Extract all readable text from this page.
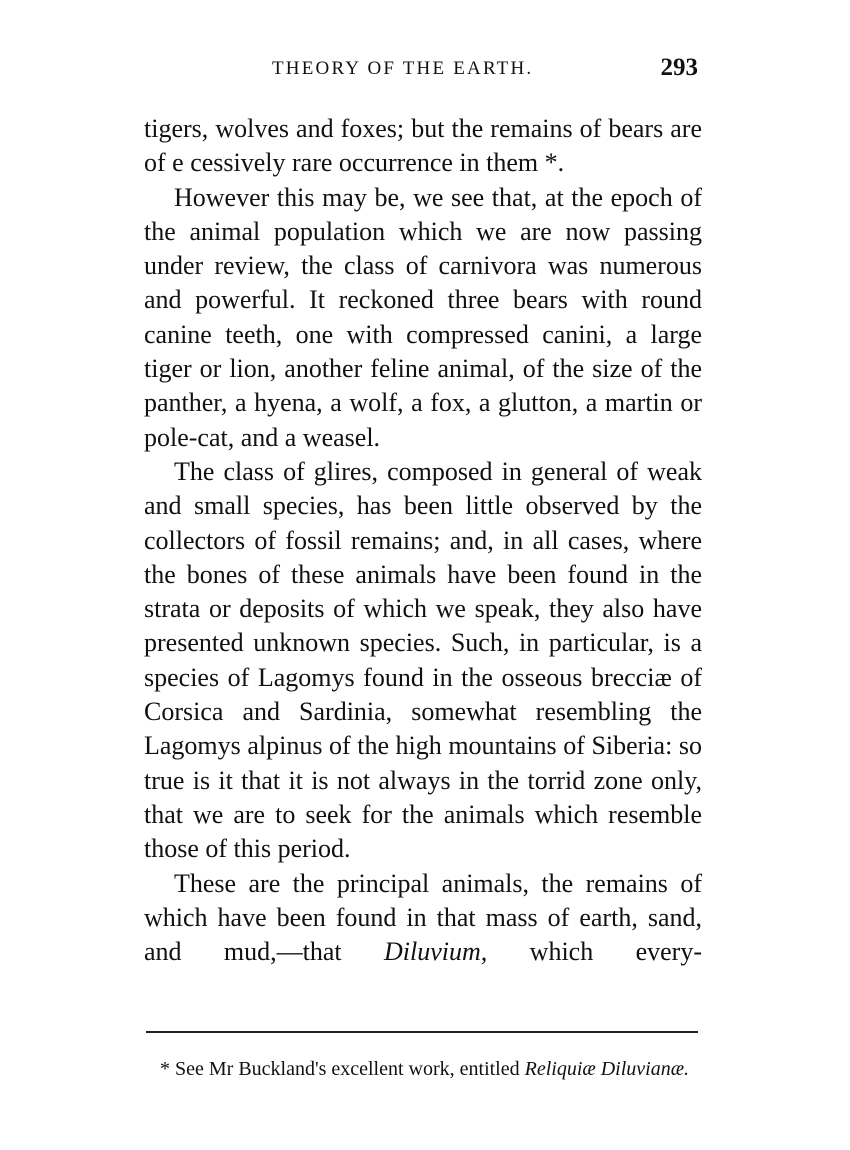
THEORY OF THE EARTH.	293

tigers, wolves and foxes; but the remains of bears are of e cessively rare occurrence in them *.

However this may be, we see that, at the epoch of the animal population which we are now passing under review, the class of carnivora was numerous and powerful. It reckoned three bears with round canine teeth, one with compressed canini, a large tiger or lion, another feline animal, of the size of the panther, a hyena, a wolf, a fox, a glutton, a martin or pole-cat, and a weasel.

The class of glires, composed in general of weak and small species, has been little observed by the collectors of fossil remains; and, in all cases, where the bones of these animals have been found in the strata or deposits of which we speak, they also have presented unknown species. Such, in particular, is a species of Lagomys found in the osseous brecciæ of Corsica and Sardinia, somewhat resembling the Lagomys alpinus of the high mountains of Siberia: so true is it that it is not always in the torrid zone only, that we are to seek for the animals which resemble those of this period.

These are the principal animals, the remains of which have been found in that mass of earth, sand, and mud,—that Diluvium, which every-

* See Mr Buckland's excellent work, entitled Reliquiæ Diluvianæ.
